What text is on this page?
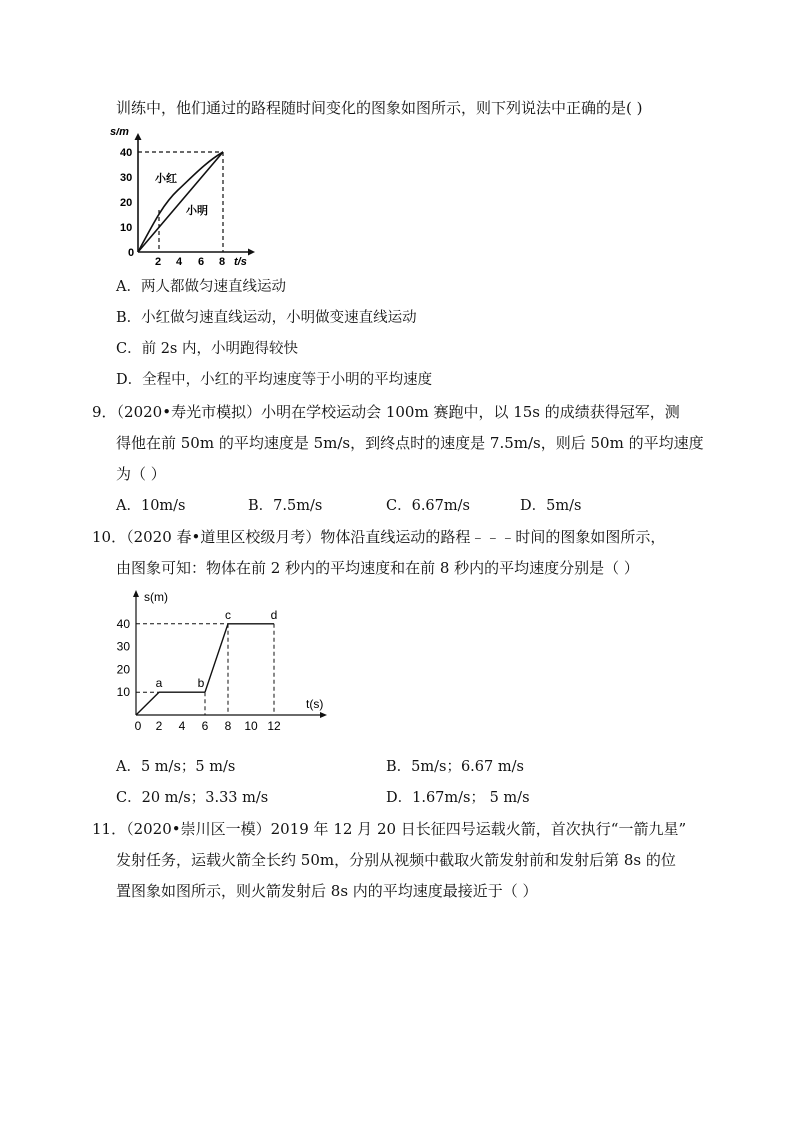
训练中，他们通过的路程随时间变化的图象如图所示，则下列说法中正确的是( )
s/m
40
30
20
10
0
2 4 6 8 t/s
小红
小明
A．两人都做匀速直线运动
B．小红做匀速直线运动，小明做变速直线运动
C．前 2s 内，小明跑得较快
D．全程中，小红的平均速度等于小明的平均速度
9．（2020•寿光市模拟）小明在学校运动会 100m 赛跑中，以 15s 的成绩获得冠军，测
得他在前 50m 的平均速度是 5m/s，到终点时的速度是 7.5m/s，则后 50m 的平均速度
为（ ）
A．10m/s	B．7.5m/s	C．6.67m/s	D．5m/s
10．（2020 春•道里区校级月考）物体沿直线运动的路程﹣﹣﹣时间的图象如图所示，
由图象可知：物体在前 2 秒内的平均速度和在前 8 秒内的平均速度分别是（ ）
s(m)
t(s)
40
30
20
10
0 2 4 6 8 10 12
a	b
c	d
A．5 m/s；5 m/s	B．5m/s；6.67 m/s
C．20 m/s；3.33 m/s	D．1.67m/s； 5 m/s
11．（2020•崇川区一模）2019 年 12 月 20 日长征四号运载火箭，首次执行“一箭九星”
发射任务，运载火箭全长约 50m，分别从视频中截取火箭发射前和发射后第 8s 的位
置图象如图所示，则火箭发射后 8s 内的平均速度最接近于（ ）
